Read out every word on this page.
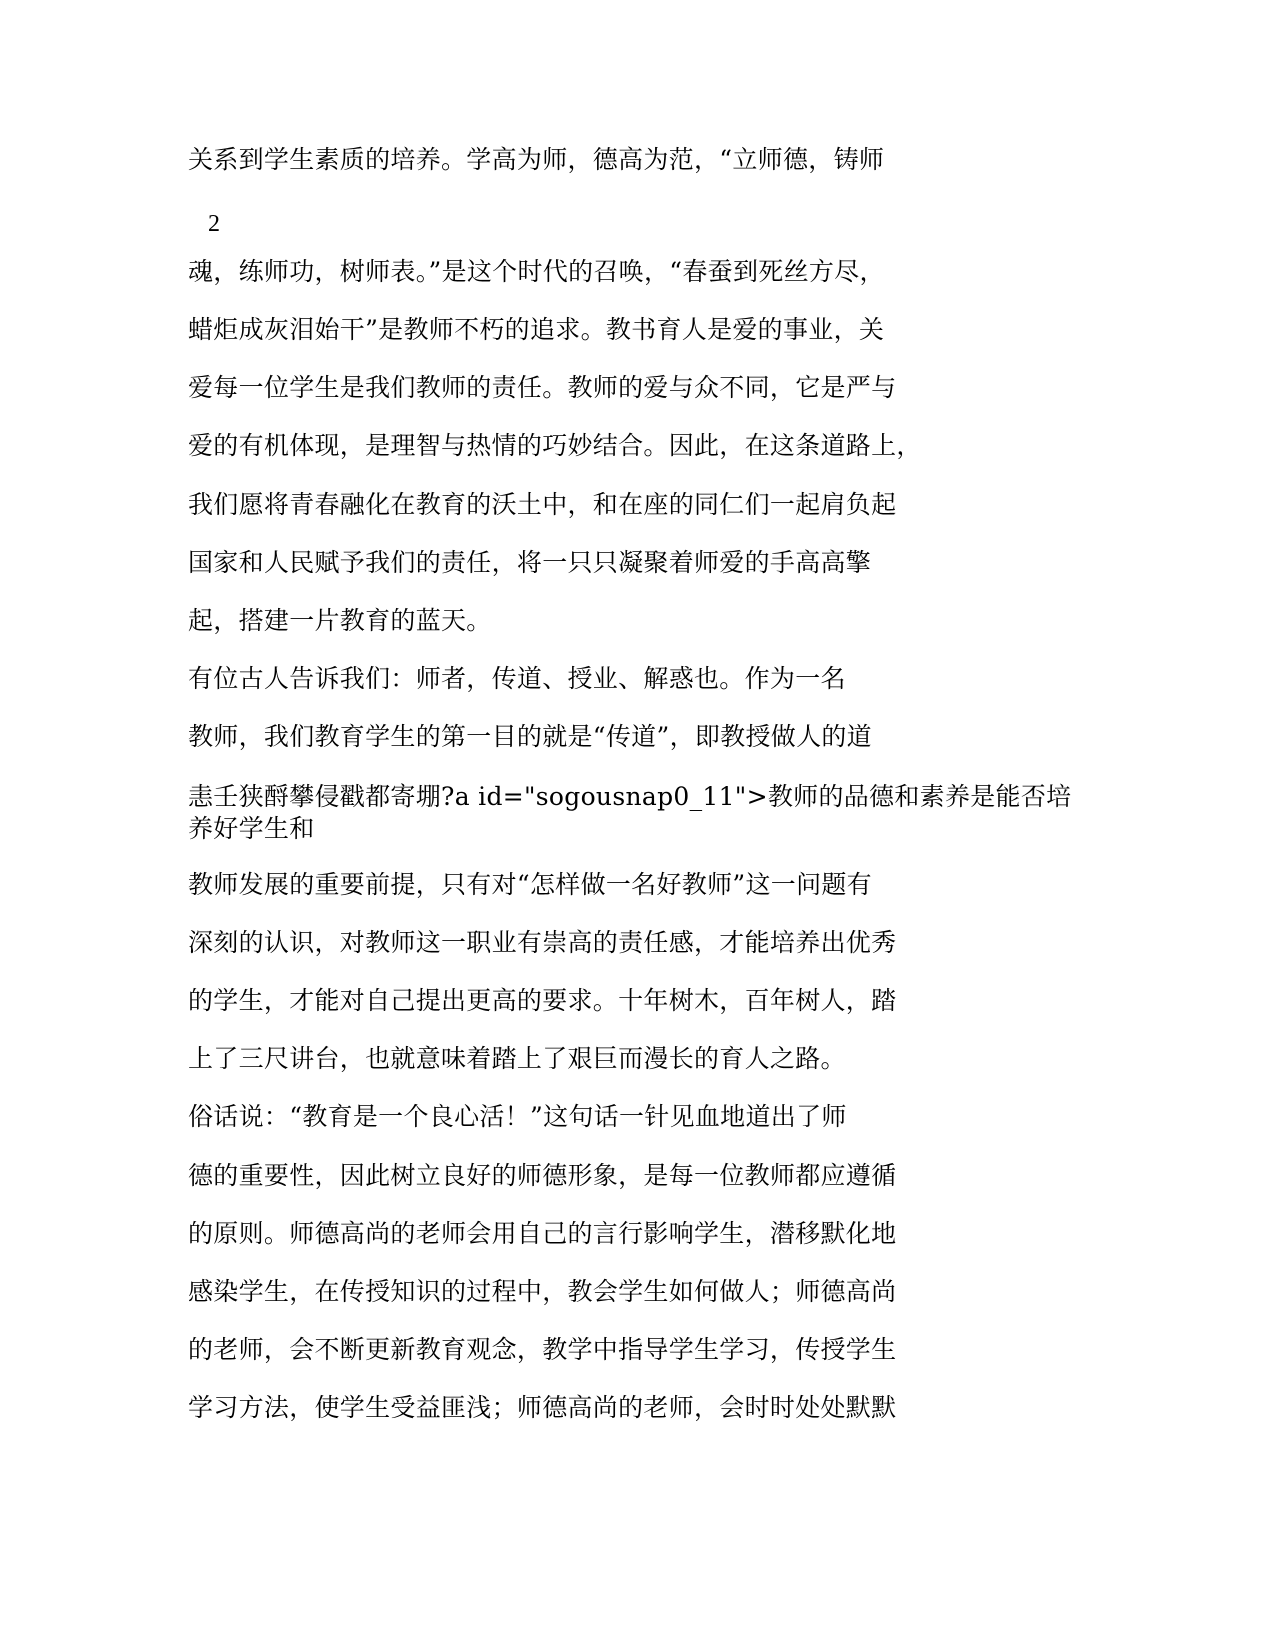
关系到学生素质的培养。学高为师，德高为范，“立师德，铸师
2
魂，练师功，树师表。”是这个时代的召唤，“春蚕到死丝方尽，
蜡炬成灰泪始干”是教师不朽的追求。教书育人是爱的事业，关
爱每一位学生是我们教师的责任。教师的爱与众不同，它是严与
爱的有机体现，是理智与热情的巧妙结合。因此，在这条道路上，
我们愿将青春融化在教育的沃土中，和在座的同仁们一起肩负起
国家和人民赋予我们的责任，将一只只凝聚着师爱的手高高擎
起，搭建一片教育的蓝天。
有位古人告诉我们：师者，传道、授业、解惑也。作为一名
教师，我们教育学生的第一目的就是“传道”，即教授做人的道
恚壬狭酹攀侵戳都寄堋?a id="sogousnap0_11">教师的品德和素养是能否培养好学生和
教师发展的重要前提，只有对“怎样做一名好教师”这一问题有
深刻的认识，对教师这一职业有崇高的责任感，才能培养出优秀
的学生，才能对自己提出更高的要求。十年树木，百年树人，踏
上了三尺讲台，也就意味着踏上了艰巨而漫长的育人之路。
俗话说：“教育是一个良心活！”这句话一针见血地道出了师
德的重要性，因此树立良好的师德形象，是每一位教师都应遵循
的原则。师德高尚的老师会用自己的言行影响学生，潜移默化地
感染学生，在传授知识的过程中，教会学生如何做人；师德高尚
的老师，会不断更新教育观念，教学中指导学生学习，传授学生
学习方法，使学生受益匪浅；师德高尚的老师，会时时处处默默
